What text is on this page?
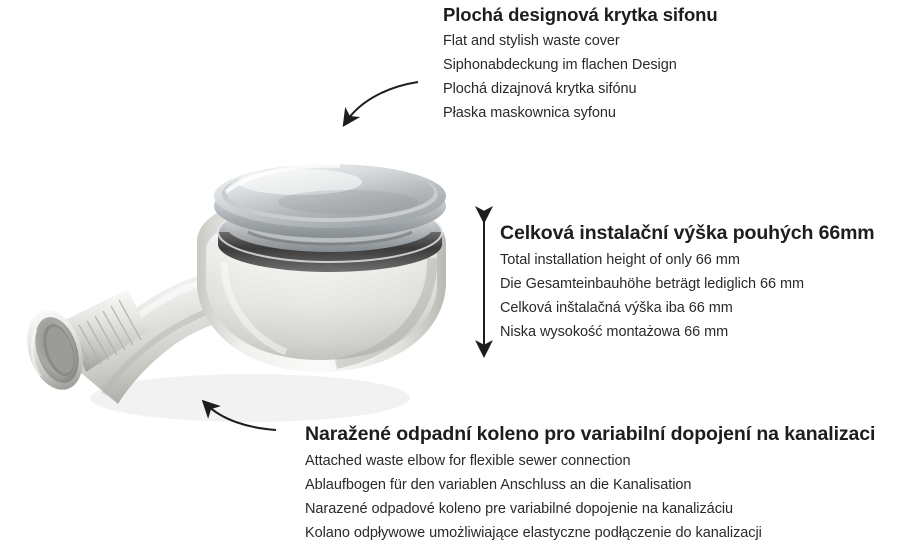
Plochá designová krytka sifonu
Flat and stylish waste cover
Siphonabdeckung im flachen Design
Plochá dizajnová krytka sifónu
Płaska maskownica syfonu
Celková instalační výška pouhých 66mm
Total installation height of only 66 mm
Die Gesamteinbauhöhe beträgt lediglich 66 mm
Celková inštalačná výška iba 66 mm
Niska wysokość montażowa 66 mm
Naražené odpadní koleno pro variabilní dopojení na kanalizaci
Attached waste elbow for flexible sewer connection
Ablaufbogen für den variablen Anschluss an die Kanalisation
Narazené odpadové koleno pre variabilné dopojenie na kanalizáciu
Kolano odpływowe umożliwiające elastyczne podłączenie do kanalizacji
